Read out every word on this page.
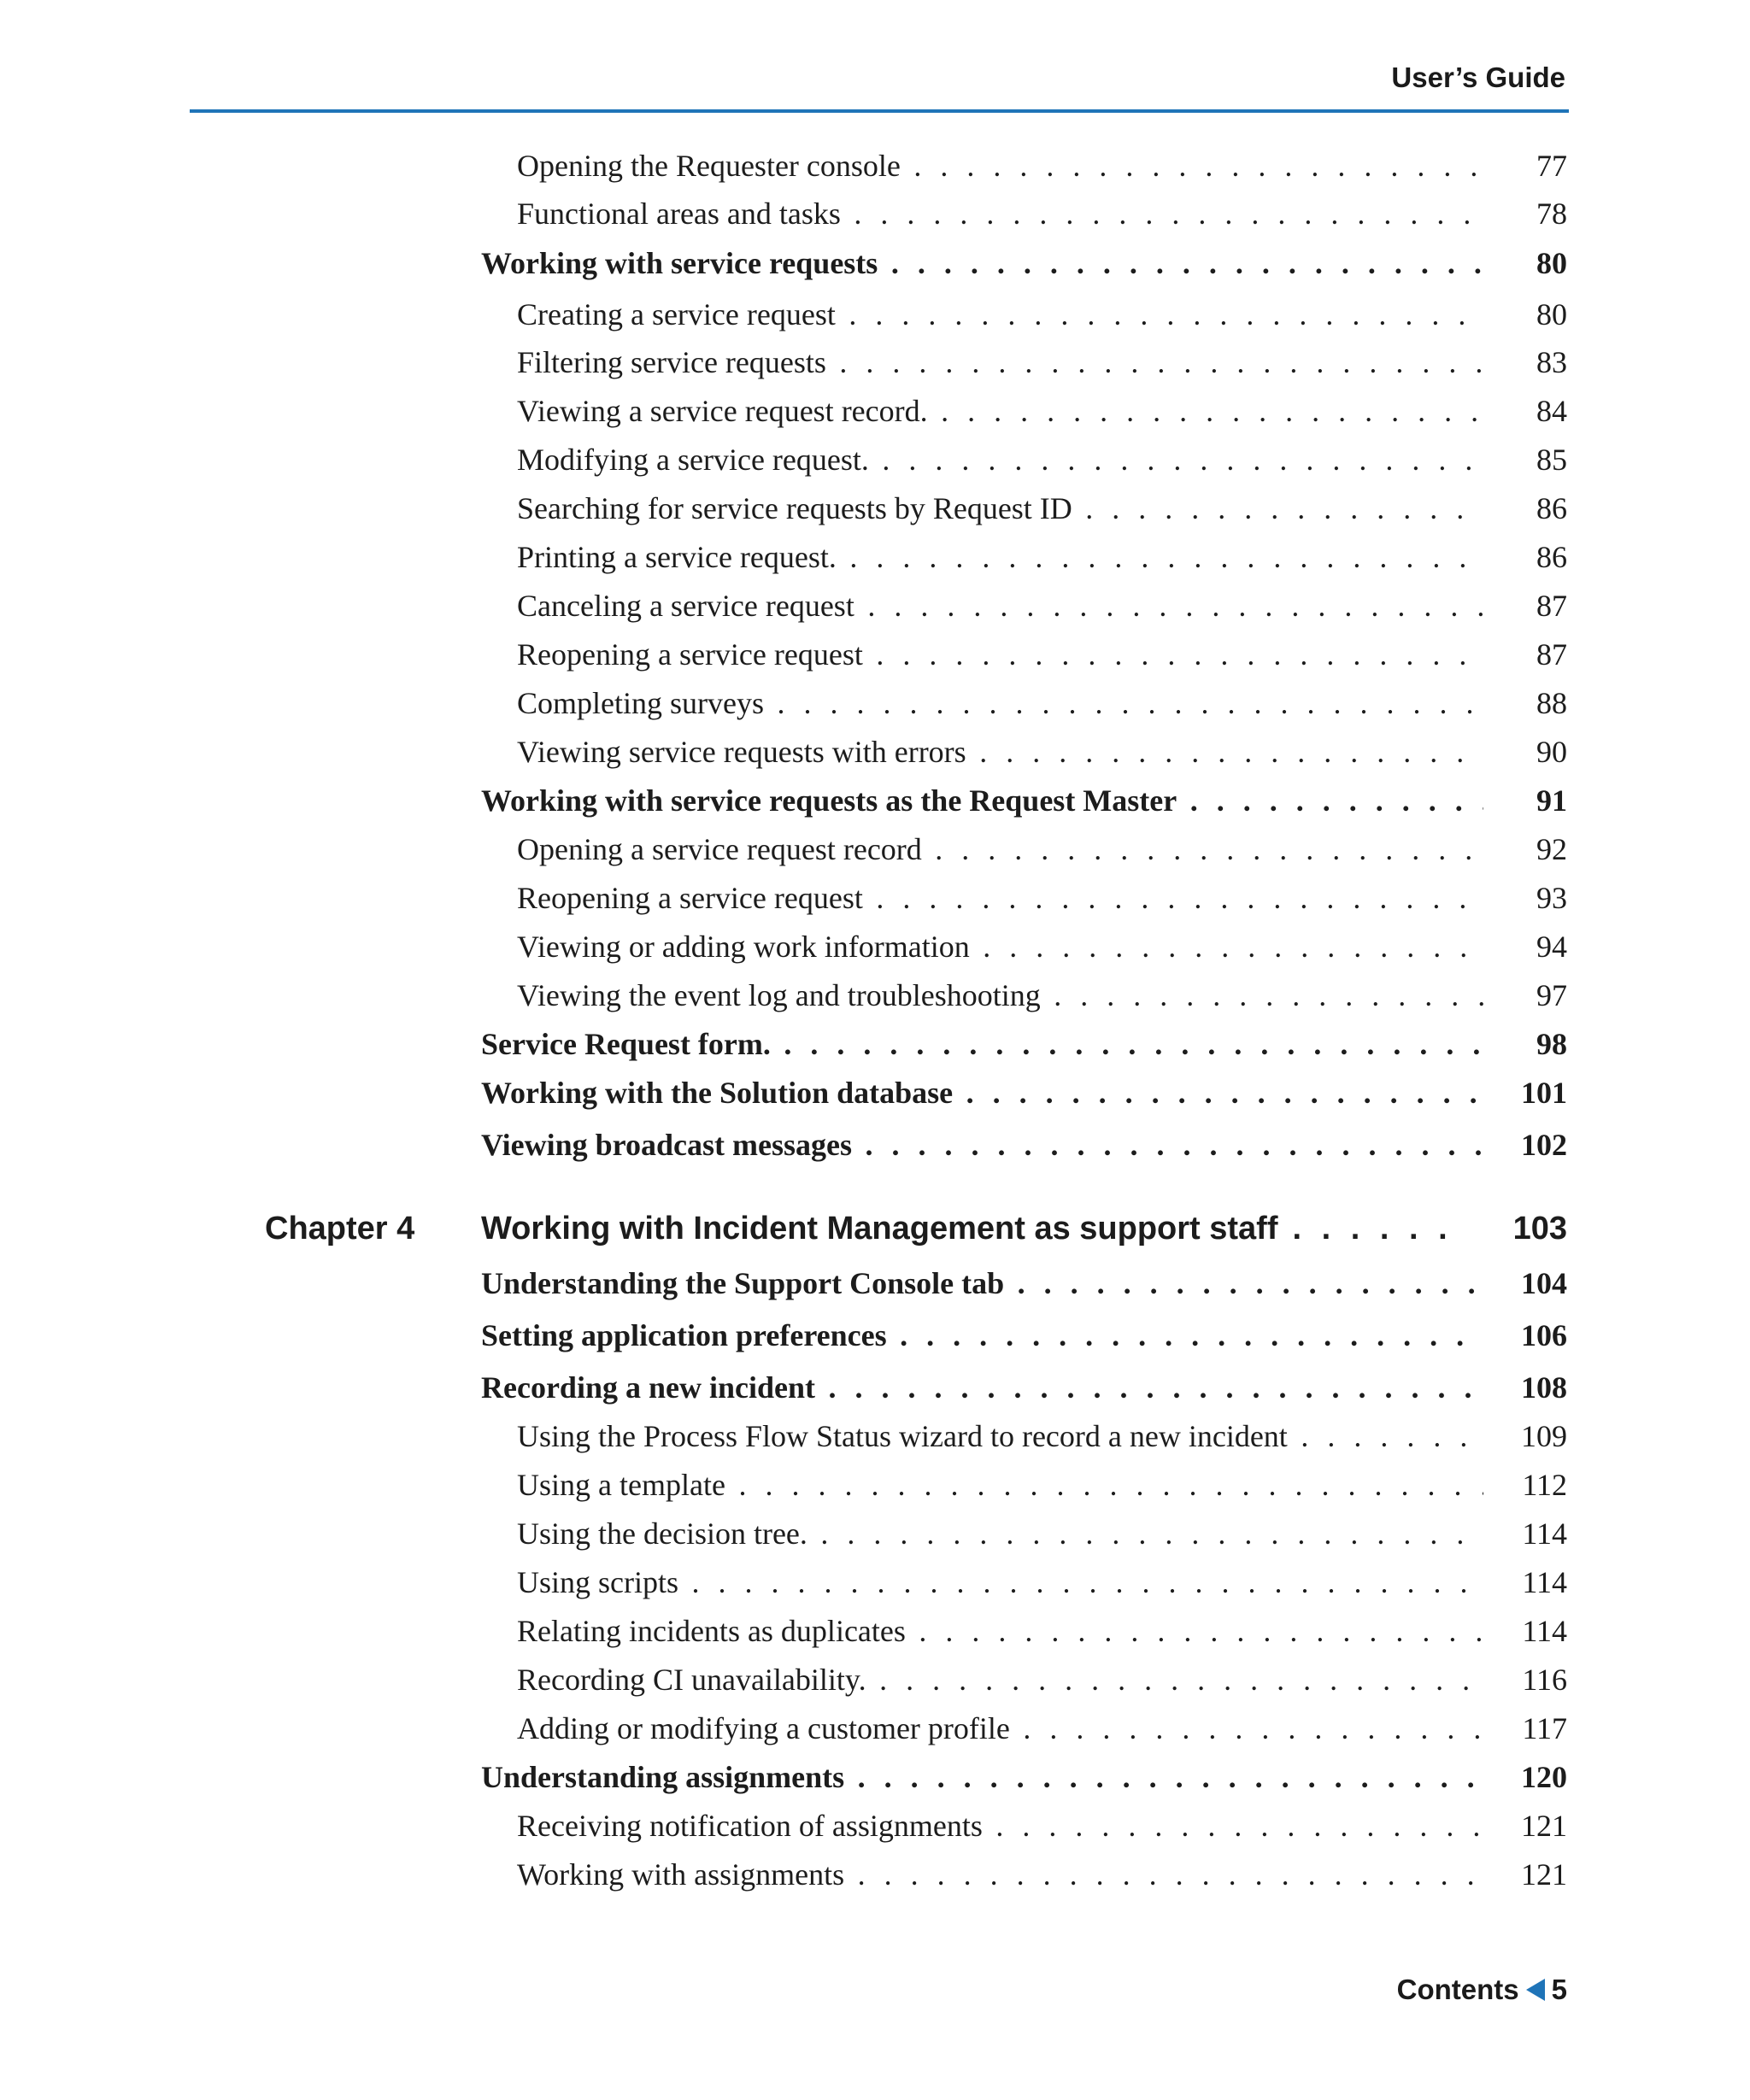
User’s Guide
Opening the Requester console . . .	77
Functional areas and tasks . . .	78
Working with service requests . . .	80
Creating a service request . . .	80
Filtering service requests . . .	83
Viewing a service request record. . . .	84
Modifying a service request. . . .	85
Searching for service requests by Request ID . . .	86
Printing a service request. . . .	86
Canceling a service request . . .	87
Reopening a service request . . .	87
Completing surveys . . .	88
Viewing service requests with errors . . .	90
Working with service requests as the Request Master . . .	91
Opening a service request record . . .	92
Reopening a service request . . .	93
Viewing or adding work information . . .	94
Viewing the event log and troubleshooting . . .	97
Service Request form. . . .	98
Working with the Solution database . . .	101
Viewing broadcast messages . . .	102
Chapter 4 Working with Incident Management as support staff . . .	103
Understanding the Support Console tab . . .	104
Setting application preferences . . .	106
Recording a new incident . . .	108
Using the Process Flow Status wizard to record a new incident . . .	109
Using a template . . .	112
Using the decision tree. . . .	114
Using scripts . . .	114
Relating incidents as duplicates . . .	114
Recording CI unavailability. . . .	116
Adding or modifying a customer profile . . .	117
Understanding assignments . . .	120
Receiving notification of assignments . . .	121
Working with assignments . . .	121
Contents 5
